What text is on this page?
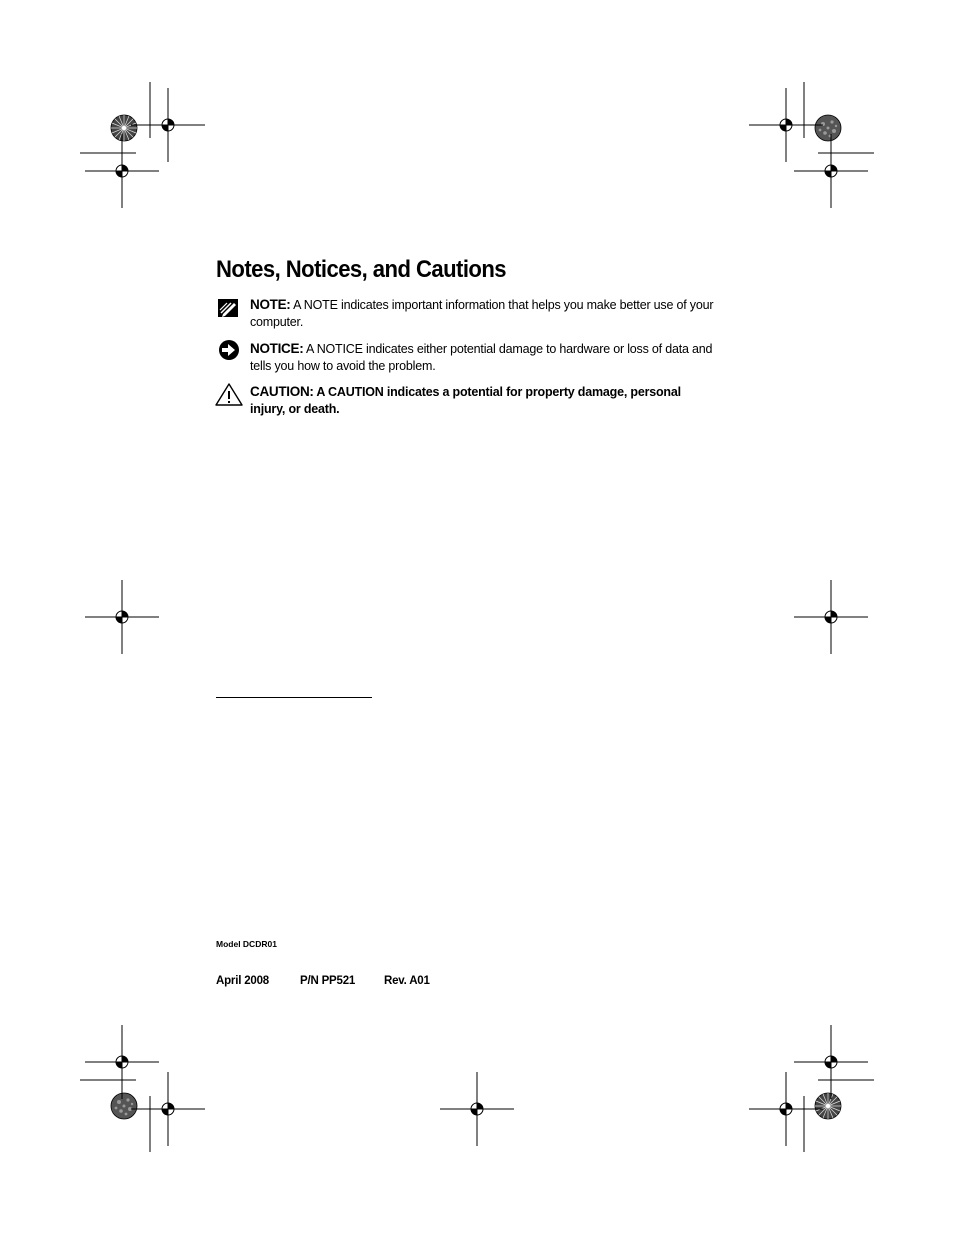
Notes, Notices, and Cautions
NOTE: A NOTE indicates important information that helps you make better use of your computer.
NOTICE: A NOTICE indicates either potential damage to hardware or loss of data and tells you how to avoid the problem.
CAUTION: A CAUTION indicates a potential for property damage, personal injury, or death.
Model DCDR01
April 2008	P/N PP521	Rev. A01
